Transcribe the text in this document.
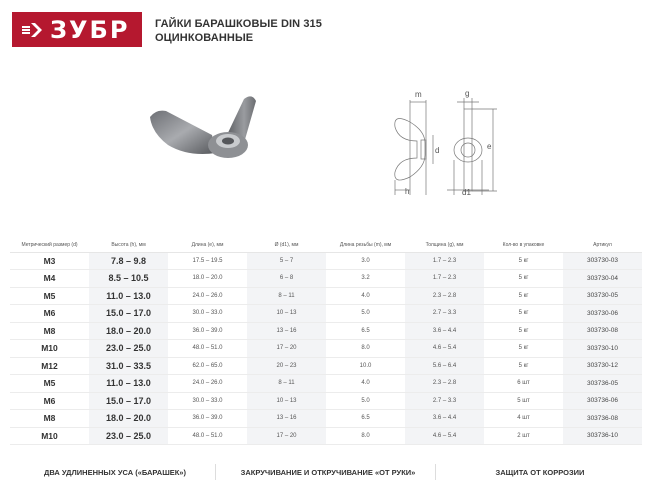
ЗУБР ГАЙКИ БАРАШКОВЫЕ DIN 315
ОЦИНКОВАННЫЕ
m
d
h
g
e
d1
Метрический размер (d)	Высота (h), мм	Длина (e), мм	Ø (d1), мм	Длина резьбы (m), мм	Толщина (g), мм	Кол-во в упаковке	Артикул
M3	7.8 – 9.8	17.5 – 19.5	5 – 7	3.0	1.7 – 2.3	5 кг	303730-03
M4	8.5 – 10.5	18.0 – 20.0	6 – 8	3.2	1.7 – 2.3	5 кг	303730-04
M5	11.0 – 13.0	24.0 – 26.0	8 – 11	4.0	2.3 – 2.8	5 кг	303730-05
M6	15.0 – 17.0	30.0 – 33.0	10 – 13	5.0	2.7 – 3.3	5 кг	303730-06
M8	18.0 – 20.0	36.0 – 39.0	13 – 16	6.5	3.6 – 4.4	5 кг	303730-08
M10	23.0 – 25.0	48.0 – 51.0	17 – 20	8.0	4.6 – 5.4	5 кг	303730-10
M12	31.0 – 33.5	62.0 – 65.0	20 – 23	10.0	5.6 – 6.4	5 кг	303730-12
M5	11.0 – 13.0	24.0 – 26.0	8 – 11	4.0	2.3 – 2.8	6 шт	303736-05
M6	15.0 – 17.0	30.0 – 33.0	10 – 13	5.0	2.7 – 3.3	5 шт	303736-06
M8	18.0 – 20.0	36.0 – 39.0	13 – 16	6.5	3.6 – 4.4	4 шт	303736-08
M10	23.0 – 25.0	48.0 – 51.0	17 – 20	8.0	4.6 – 5.4	2 шт	303736-10
ДВА УДЛИНЕННЫХ УСА («БАРАШЕК»)	ЗАКРУЧИВАНИЕ И ОТКРУЧИВАНИЕ «ОТ РУКИ»	ЗАЩИТА ОТ КОРРОЗИИ
